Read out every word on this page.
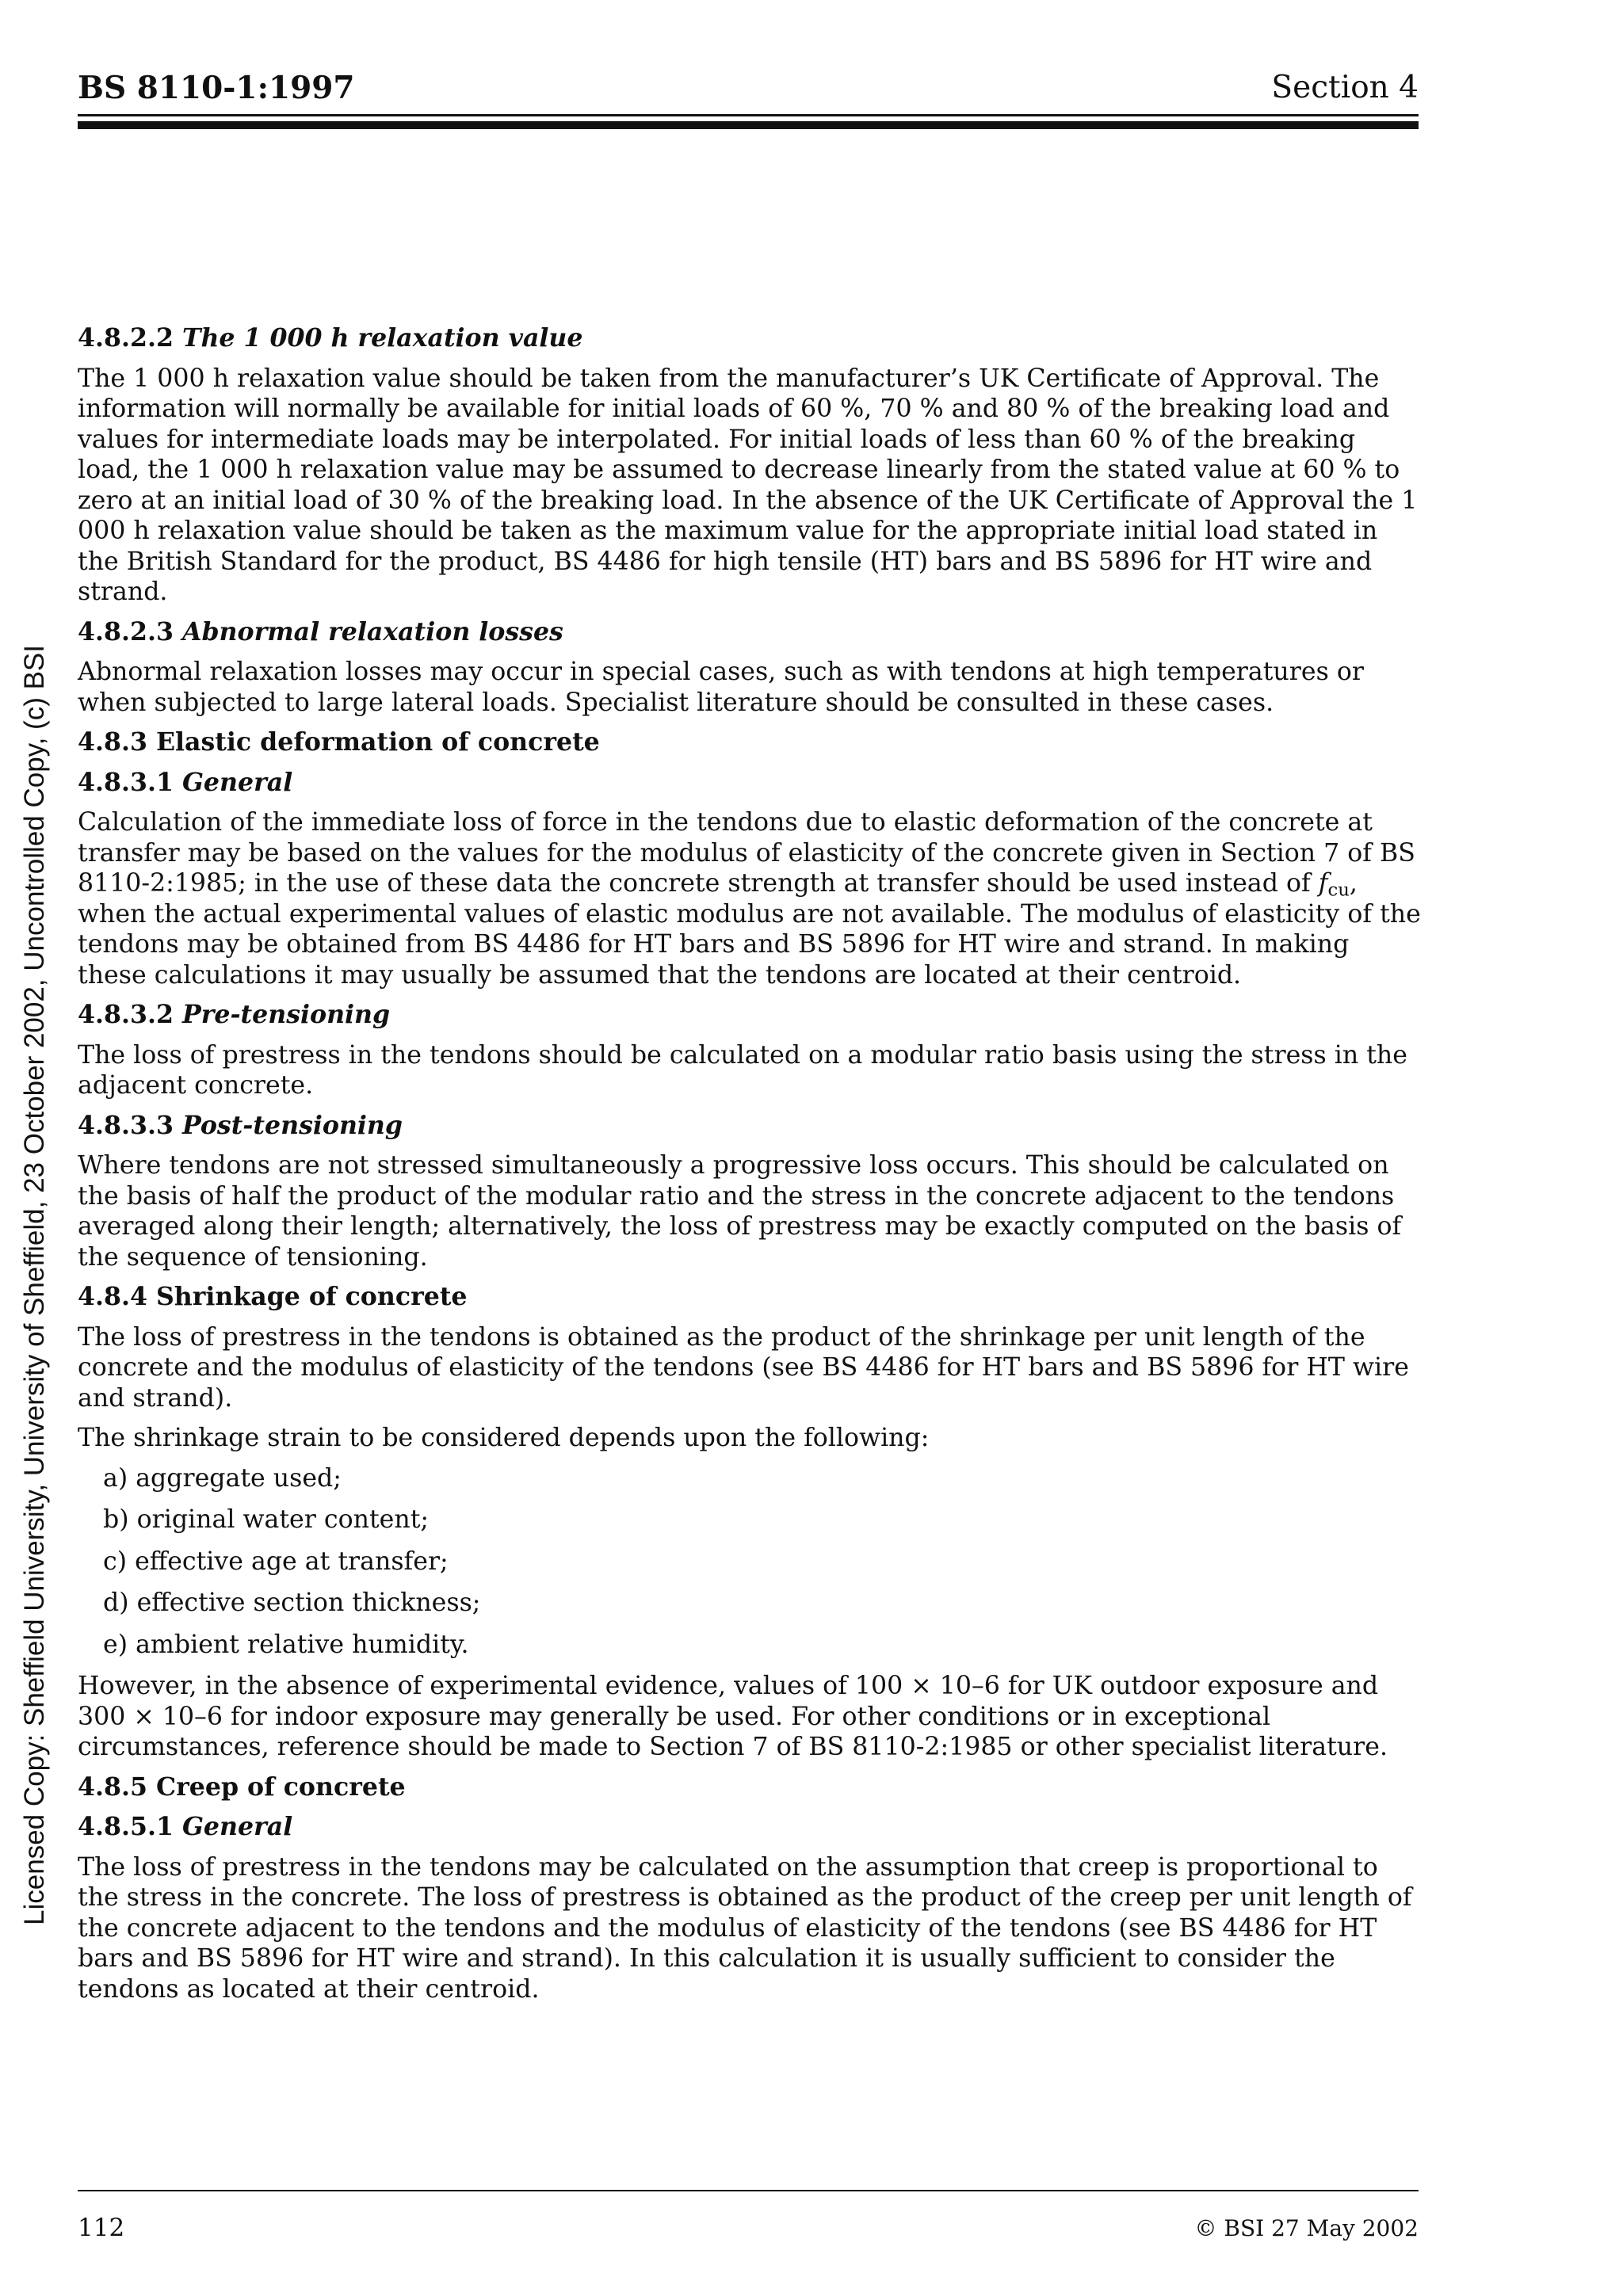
BS 8110-1:1997	Section 4
Licensed Copy: Sheffield University, University of Sheffield, 23 October 2002, Uncontrolled Copy, (c) BSI

4.8.2.2 The 1 000 h relaxation value

The 1 000 h relaxation value should be taken from the manufacturer’s UK Certificate of Approval. The information will normally be available for initial loads of 60 %, 70 % and 80 % of the breaking load and values for intermediate loads may be interpolated. For initial loads of less than 60 % of the breaking load, the 1 000 h relaxation value may be assumed to decrease linearly from the stated value at 60 % to zero at an initial load of 30 % of the breaking load. In the absence of the UK Certificate of Approval the 1 000 h relaxation value should be taken as the maximum value for the appropriate initial load stated in the British Standard for the product, BS 4486 for high tensile (HT) bars and BS 5896 for HT wire and strand.

4.8.2.3 Abnormal relaxation losses

Abnormal relaxation losses may occur in special cases, such as with tendons at high temperatures or when subjected to large lateral loads. Specialist literature should be consulted in these cases.

4.8.3 Elastic deformation of concrete

4.8.3.1 General

Calculation of the immediate loss of force in the tendons due to elastic deformation of the concrete at transfer may be based on the values for the modulus of elasticity of the concrete given in Section 7 of BS 8110-2:1985; in the use of these data the concrete strength at transfer should be used instead of $f_{cu}$, when the actual experimental values of elastic modulus are not available. The modulus of elasticity of the tendons may be obtained from BS 4486 for HT bars and BS 5896 for HT wire and strand. In making these calculations it may usually be assumed that the tendons are located at their centroid.

4.8.3.2 Pre-tensioning

The loss of prestress in the tendons should be calculated on a modular ratio basis using the stress in the adjacent concrete.

4.8.3.3 Post-tensioning

Where tendons are not stressed simultaneously a progressive loss occurs. This should be calculated on the basis of half the product of the modular ratio and the stress in the concrete adjacent to the tendons averaged along their length; alternatively, the loss of prestress may be exactly computed on the basis of the sequence of tensioning.

4.8.4 Shrinkage of concrete

The loss of prestress in the tendons is obtained as the product of the shrinkage per unit length of the concrete and the modulus of elasticity of the tendons (see BS 4486 for HT bars and BS 5896 for HT wire and strand).

The shrinkage strain to be considered depends upon the following:

a) aggregate used;
b) original water content;
c) effective age at transfer;
d) effective section thickness;
e) ambient relative humidity.

However, in the absence of experimental evidence, values of 100 × 10–6 for UK outdoor exposure and 300 × 10–6 for indoor exposure may generally be used. For other conditions or in exceptional circumstances, reference should be made to Section 7 of BS 8110-2:1985 or other specialist literature.

4.8.5 Creep of concrete

4.8.5.1 General

The loss of prestress in the tendons may be calculated on the assumption that creep is proportional to the stress in the concrete. The loss of prestress is obtained as the product of the creep per unit length of the concrete adjacent to the tendons and the modulus of elasticity of the tendons (see BS 4486 for HT bars and BS 5896 for HT wire and strand). In this calculation it is usually sufficient to consider the tendons as located at their centroid.

112	© BSI 27 May 2002
